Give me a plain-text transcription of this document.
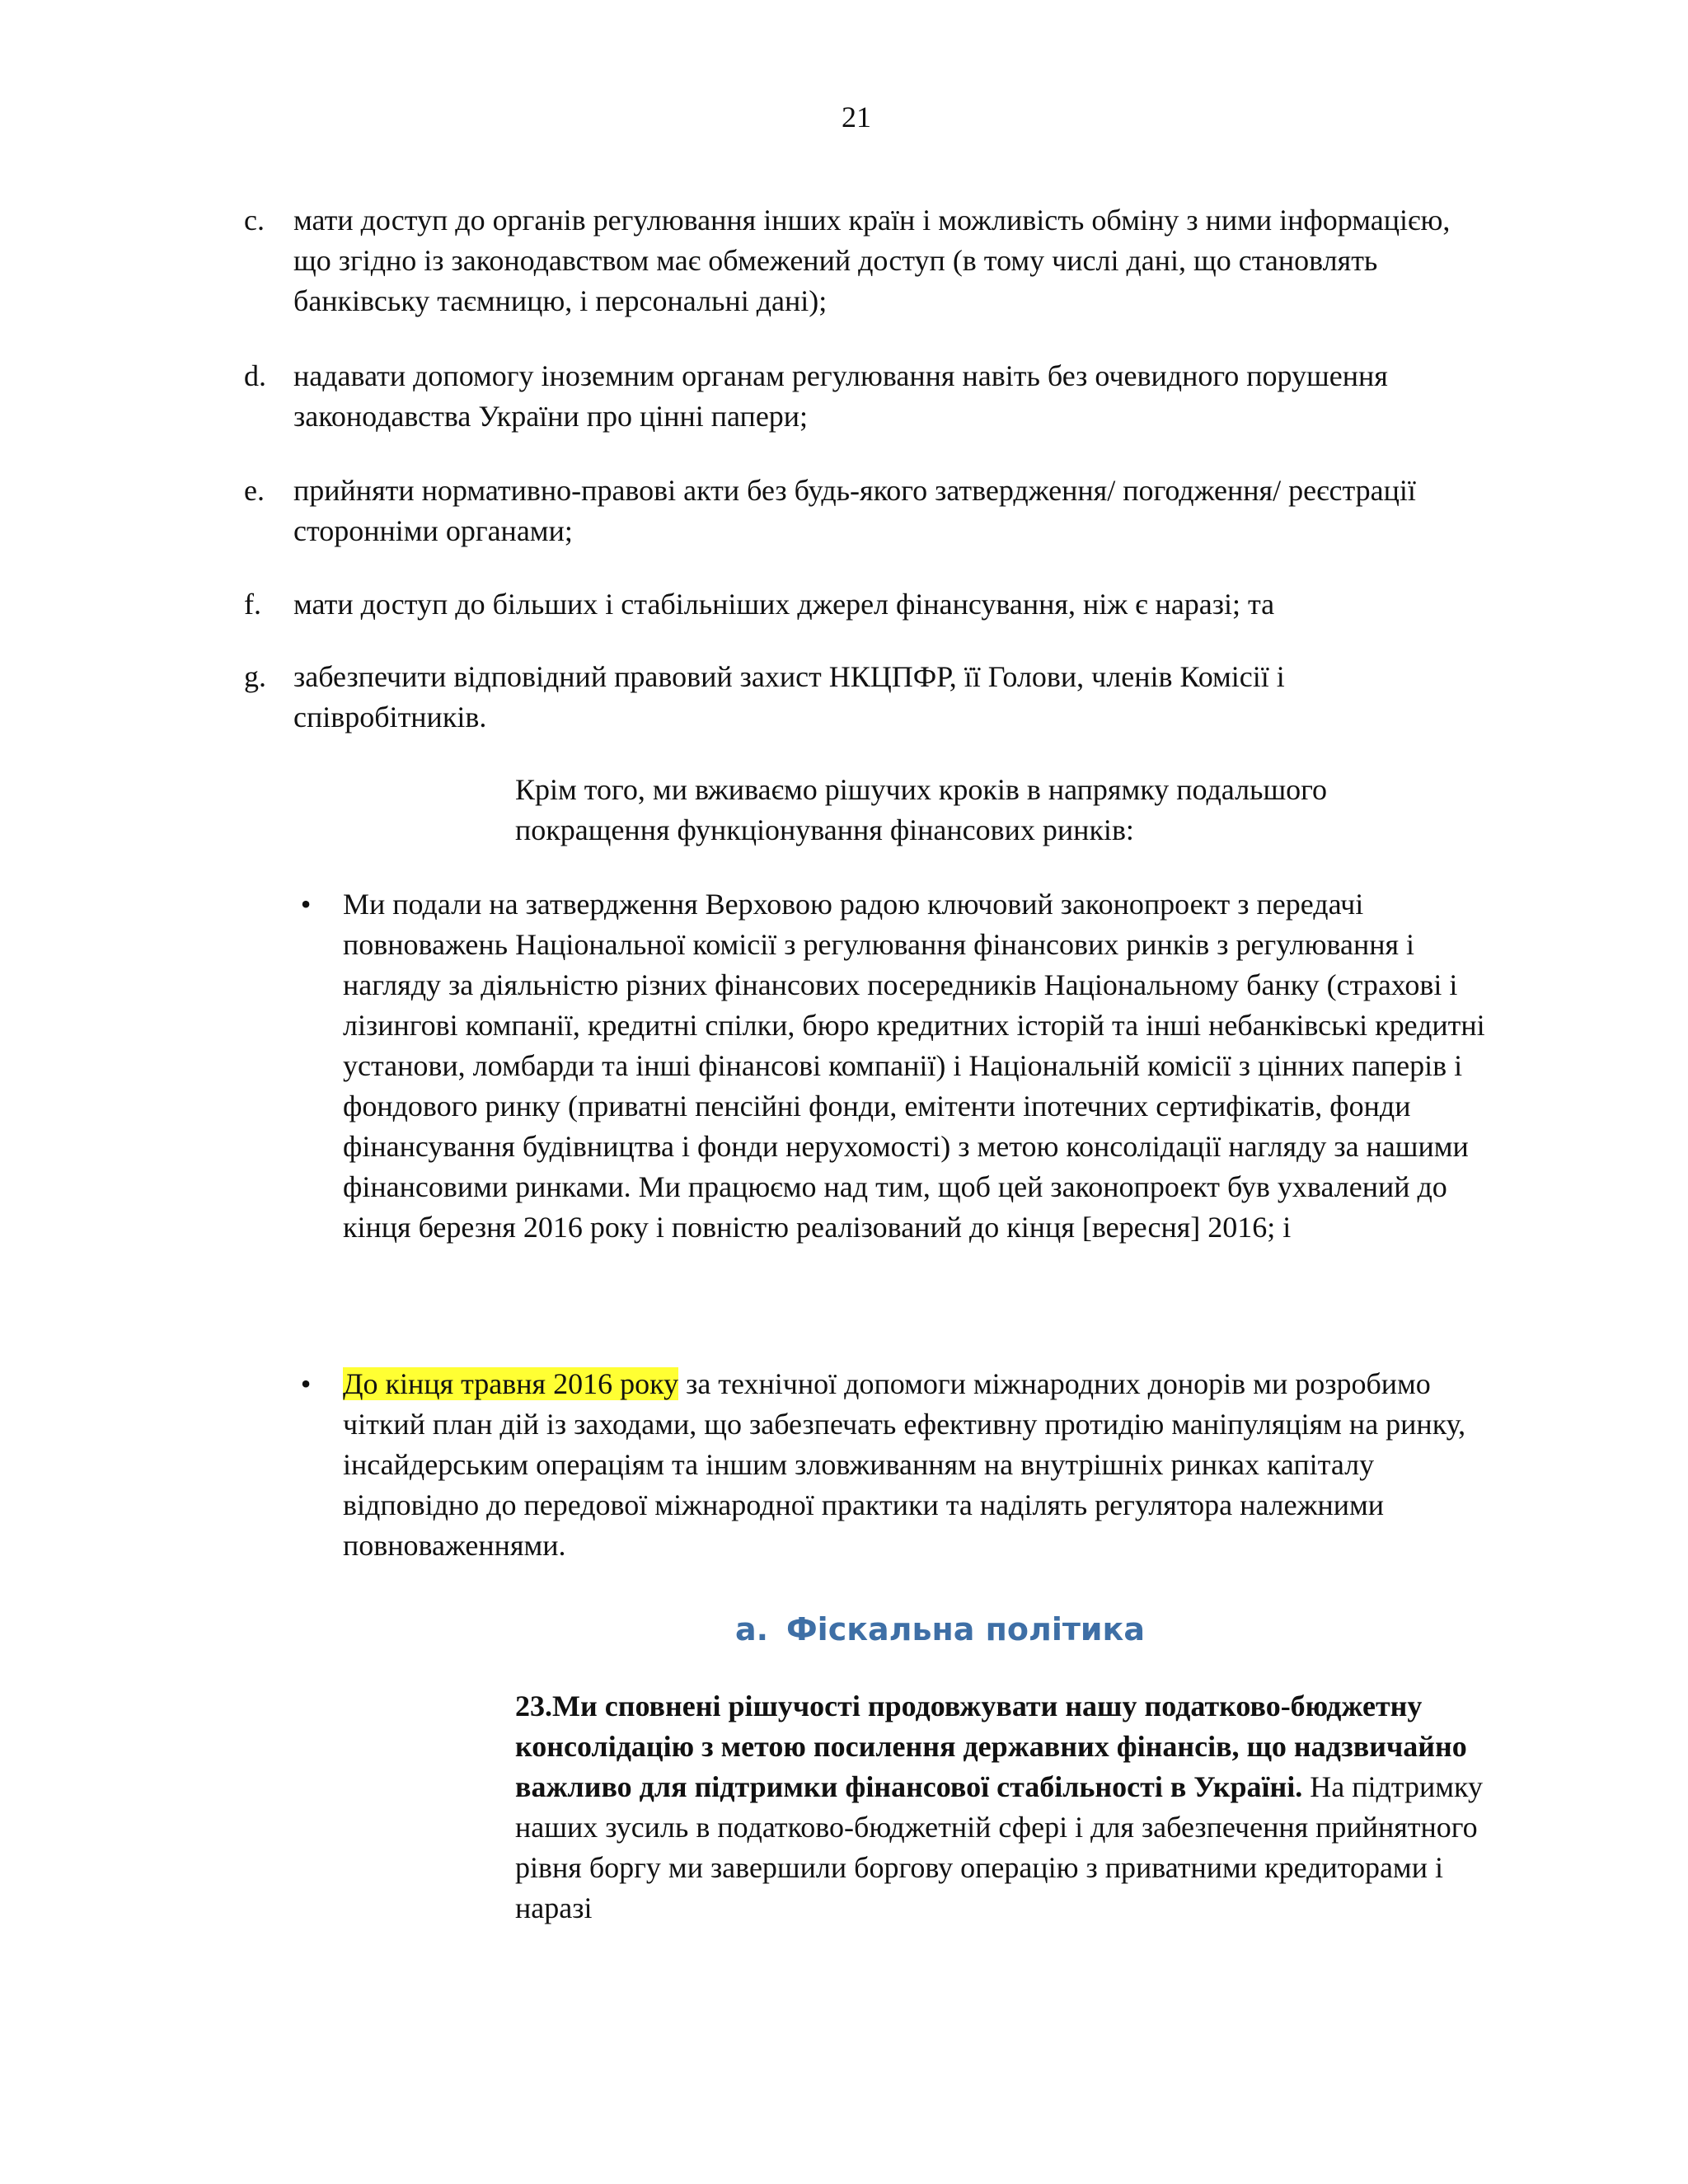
21
c. мати доступ до органів регулювання інших країн і можливість обміну з ними інформацією, що згідно із законодавством має обмежений доступ (в тому числі дані, що становлять банківську таємницю, і персональні дані);
d. надавати допомогу іноземним органам регулювання навіть без очевидного порушення законодавства України про цінні папери;
e. прийняти нормативно-правові акти без будь-якого затвердження/ погодження/ реєстрації сторонніми органами;
f.	мати доступ до більших і стабільніших джерел фінансування, ніж є наразі; та
g. забезпечити відповідний правовий захист НКЦПФР, її Голови, членів Комісії і співробітників.
Крім того, ми вживаємо рішучих кроків в напрямку подальшого покращення функціонування фінансових ринків:
• Ми подали на затвердження Верховою радою ключовий законопроект з передачі повноважень Національної комісії з регулювання фінансових ринків з регулювання і нагляду за діяльністю різних фінансових посередників Національному банку (страхові і лізингові компанії, кредитні спілки, бюро кредитних історій та інші небанківські кредитні установи, ломбарди та інші фінансові компанії) і Національній комісії з цінних паперів і фондового ринку (приватні пенсійні фонди, емітенти іпотечних сертифікатів, фонди фінансування будівництва і фонди нерухомості) з метою консолідації нагляду за нашими фінансовими ринками. Ми працюємо над тим, щоб цей законопроект був ухвалений до кінця березня 2016 року і повністю реалізований до кінця [вересня] 2016; і
• До кінця травня 2016 року за технічної допомоги міжнародних донорів ми розробимо чіткий план дій із заходами, що забезпечать ефективну протидію маніпуляціям на ринку, інсайдерським операціям та іншим зловживанням на внутрішніх ринках капіталу відповідно до передової міжнародної практики та наділять регулятора належними повноваженнями.
a. Фіскальна політика
23.Ми сповнені рішучості продовжувати нашу податково-бюджетну консолідацію з метою посилення державних фінансів, що надзвичайно важливо для підтримки фінансової стабільності в Україні. На підтримку наших зусиль в податково-бюджетній сфері і для забезпечення прийнятного рівня боргу ми завершили боргову операцію з приватними кредиторами і наразі
